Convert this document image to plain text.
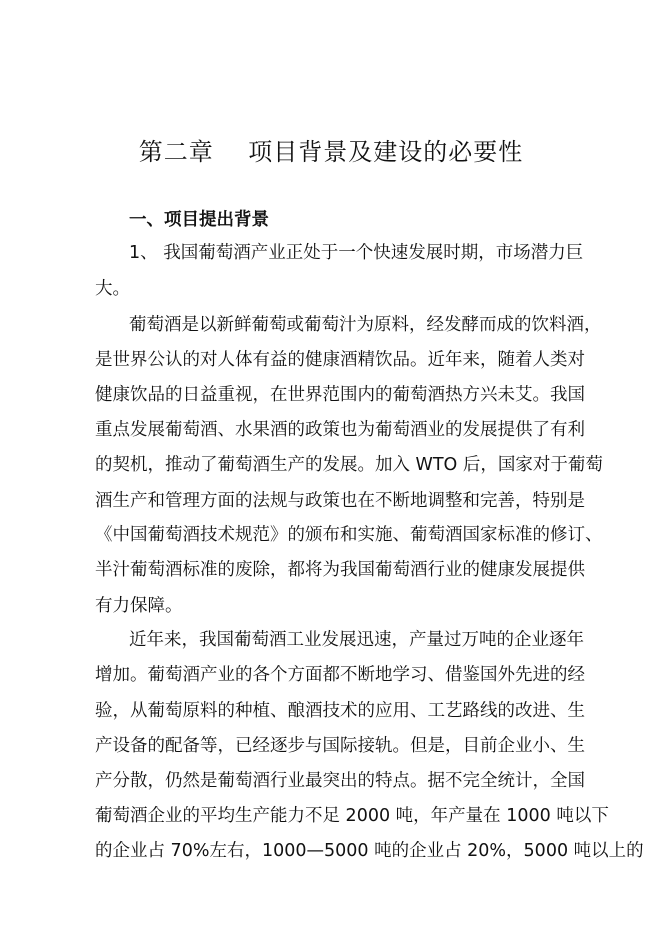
第二章    项目背景及建设的必要性
一、项目提出背景
1、 我国葡萄酒产业正处于一个快速发展时期，市场潜力巨
大。
葡萄酒是以新鲜葡萄或葡萄汁为原料，经发酵而成的饮料酒，
是世界公认的对人体有益的健康酒精饮品。近年来，随着人类对
健康饮品的日益重视，在世界范围内的葡萄酒热方兴未艾。我国
重点发展葡萄酒、水果酒的政策也为葡萄酒业的发展提供了有利
的契机，推动了葡萄酒生产的发展。加入 WTO 后，国家对于葡萄
酒生产和管理方面的法规与政策也在不断地调整和完善，特别是
《中国葡萄酒技术规范》的颁布和实施、葡萄酒国家标准的修订、
半汁葡萄酒标准的废除，都将为我国葡萄酒行业的健康发展提供
有力保障。
近年来，我国葡萄酒工业发展迅速，产量过万吨的企业逐年
增加。葡萄酒产业的各个方面都不断地学习、借鉴国外先进的经
验，从葡萄原料的种植、酿酒技术的应用、工艺路线的改进、生
产设备的配备等，已经逐步与国际接轨。但是，目前企业小、生
产分散，仍然是葡萄酒行业最突出的特点。据不完全统计，全国
葡萄酒企业的平均生产能力不足 2000 吨，年产量在 1000 吨以下
的企业占 70%左右，1000—5000 吨的企业占 20%，5000 吨以上的
